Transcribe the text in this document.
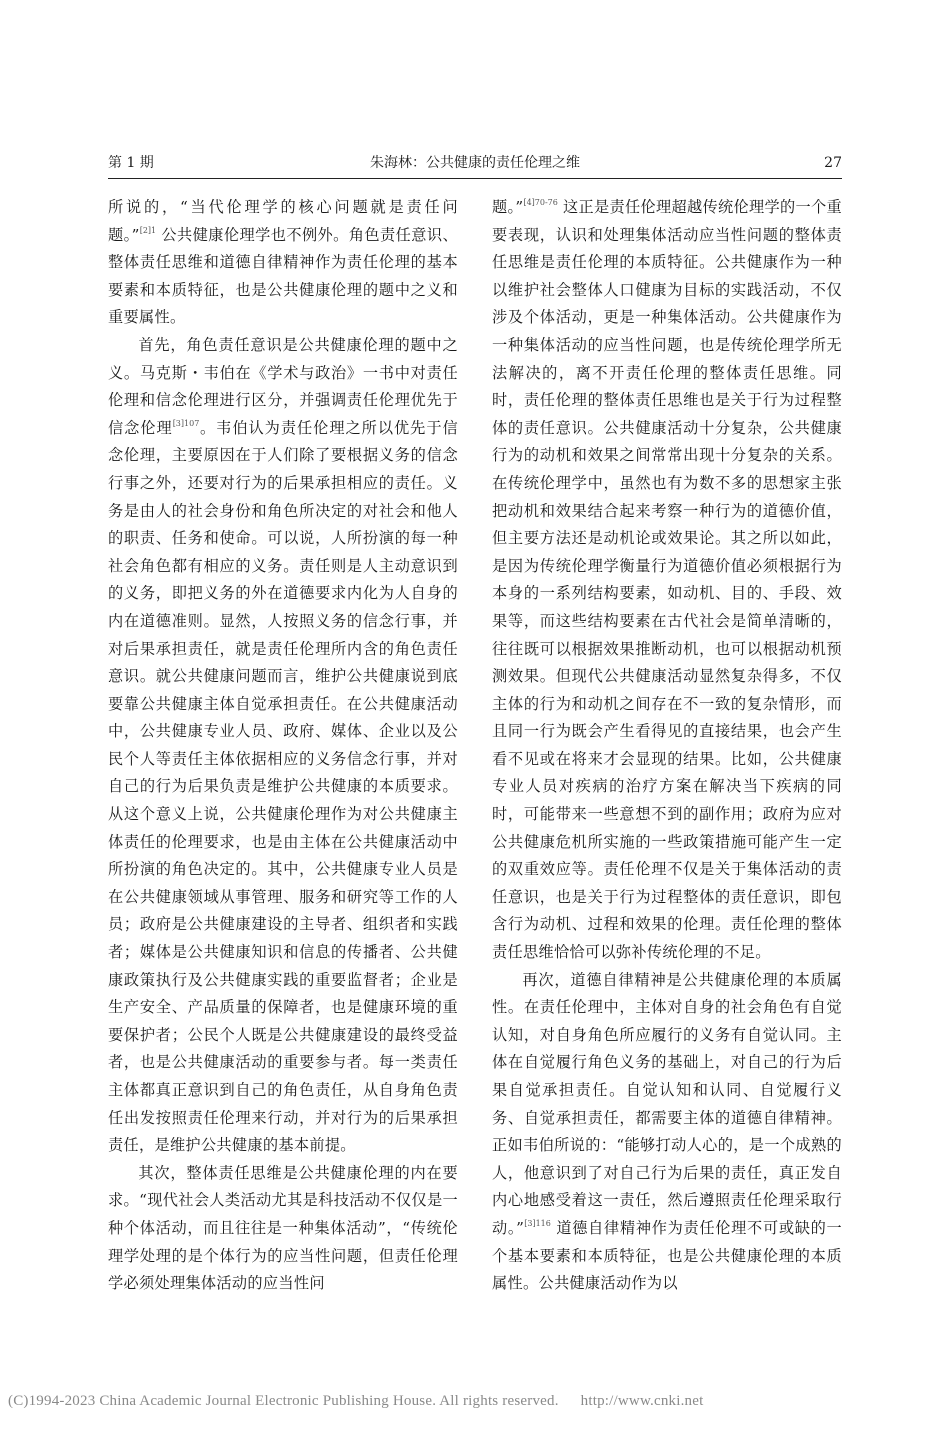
第 1 期	朱海林：公共健康的责任伦理之维	27

所说的，“当代伦理学的核心问题就是责任问题。”$^{[2]1}$ 公共健康伦理学也不例外。角色责任意识、整体责任思维和道德自律精神作为责任伦理的基本要素和本质特征，也是公共健康伦理的题中之义和重要属性。

首先，角色责任意识是公共健康伦理的题中之义。马克斯・韦伯在《学术与政治》一书中对责任伦理和信念伦理进行区分，并强调责任伦理优先于信念伦理$^{[3]107}$。韦伯认为责任伦理之所以优先于信念伦理，主要原因在于人们除了要根据义务的信念行事之外，还要对行为的后果承担相应的责任。义务是由人的社会身份和角色所决定的对社会和他人的职责、任务和使命。可以说，人所扮演的每一种社会角色都有相应的义务。责任则是人主动意识到的义务，即把义务的外在道德要求内化为人自身的内在道德准则。显然，人按照义务的信念行事，并对后果承担责任，就是责任伦理所内含的角色责任意识。就公共健康问题而言，维护公共健康说到底要靠公共健康主体自觉承担责任。在公共健康活动中，公共健康专业人员、政府、媒体、企业以及公民个人等责任主体依据相应的义务信念行事，并对自己的行为后果负责是维护公共健康的本质要求。从这个意义上说，公共健康伦理作为对公共健康主体责任的伦理要求，也是由主体在公共健康活动中所扮演的角色决定的。其中，公共健康专业人员是在公共健康领域从事管理、服务和研究等工作的人员；政府是公共健康建设的主导者、组织者和实践者；媒体是公共健康知识和信息的传播者、公共健康政策执行及公共健康实践的重要监督者；企业是生产安全、产品质量的保障者，也是健康环境的重要保护者；公民个人既是公共健康建设的最终受益者，也是公共健康活动的重要参与者。每一类责任主体都真正意识到自己的角色责任，从自身角色责任出发按照责任伦理来行动，并对行为的后果承担责任，是维护公共健康的基本前提。

其次，整体责任思维是公共健康伦理的内在要求。“现代社会人类活动尤其是科技活动不仅仅是一种个体活动，而且往往是一种集体活动”，“传统伦理学处理的是个体行为的应当性问题，但责任伦理学必须处理集体活动的应当性问

题。”$^{[4]70-76}$ 这正是责任伦理超越传统伦理学的一个重要表现，认识和处理集体活动应当性问题的整体责任思维是责任伦理的本质特征。公共健康作为一种以维护社会整体人口健康为目标的实践活动，不仅涉及个体活动，更是一种集体活动。公共健康作为一种集体活动的应当性问题，也是传统伦理学所无法解决的，离不开责任伦理的整体责任思维。同时，责任伦理的整体责任思维也是关于行为过程整体的责任意识。公共健康活动十分复杂，公共健康行为的动机和效果之间常常出现十分复杂的关系。在传统伦理学中，虽然也有为数不多的思想家主张把动机和效果结合起来考察一种行为的道德价值，但主要方法还是动机论或效果论。其之所以如此，是因为传统伦理学衡量行为道德价值必须根据行为本身的一系列结构要素，如动机、目的、手段、效果等，而这些结构要素在古代社会是简单清晰的，往往既可以根据效果推断动机，也可以根据动机预测效果。但现代公共健康活动显然复杂得多，不仅主体的行为和动机之间存在不一致的复杂情形，而且同一行为既会产生看得见的直接结果，也会产生看不见或在将来才会显现的结果。比如，公共健康专业人员对疾病的治疗方案在解决当下疾病的同时，可能带来一些意想不到的副作用；政府为应对公共健康危机所实施的一些政策措施可能产生一定的双重效应等。责任伦理不仅是关于集体活动的责任意识，也是关于行为过程整体的责任意识，即包含行为动机、过程和效果的伦理。责任伦理的整体责任思维恰恰可以弥补传统伦理的不足。

再次，道德自律精神是公共健康伦理的本质属性。在责任伦理中，主体对自身的社会角色有自觉认知，对自身角色所应履行的义务有自觉认同。主体在自觉履行角色义务的基础上，对自己的行为后果自觉承担责任。自觉认知和认同、自觉履行义务、自觉承担责任，都需要主体的道德自律精神。正如韦伯所说的：“能够打动人心的，是一个成熟的人，他意识到了对自己行为后果的责任，真正发自内心地感受着这一责任，然后遵照责任伦理采取行动。”$^{[3]116}$ 道德自律精神作为责任伦理不可或缺的一个基本要素和本质特征，也是公共健康伦理的本质属性。公共健康活动作为以

(C)1994-2023 China Academic Journal Electronic Publishing House. All rights reserved. http://www.cnki.net
